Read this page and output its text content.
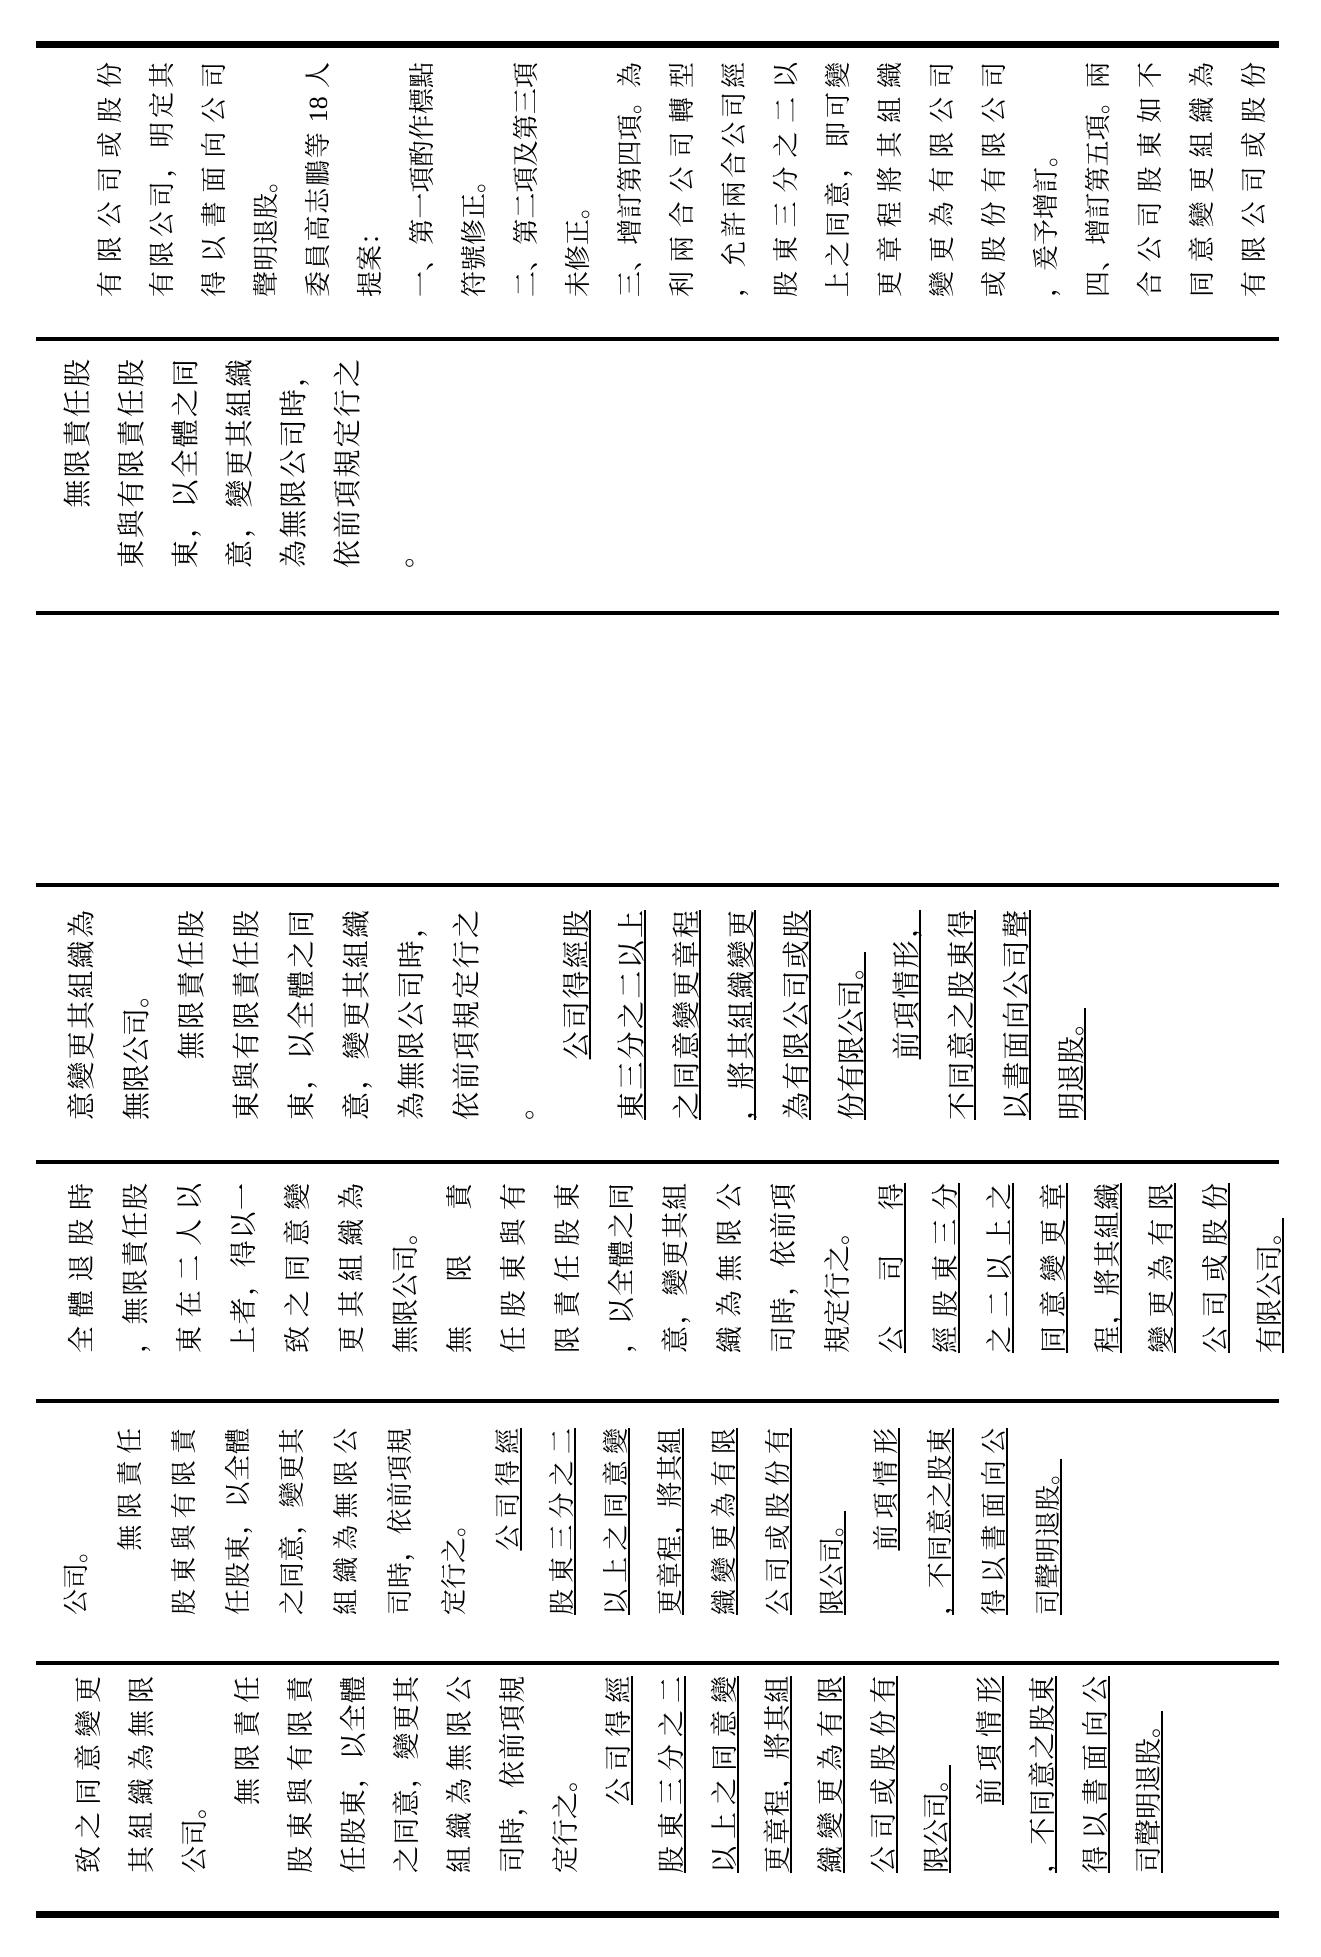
有限公司或股份 有限公司，明定其 得以書面向公司 聲明退股。 委員高志鵬等 18 人 提案： 一、第一項酌作標點 符號修正。 二、第二項及第三項 未修正。 三、增訂第四項。為 利兩合公司轉型 ，允許兩合公司經 股東三分之二以 上之同意，即可變 更章程將其組織 變更為有限公司 或股份有限公司 ，爰予增訂。 四、增訂第五項。兩 合公司股東如不 同意變更組織為 有限公司或股份
　　無限責任股 東與有限責任股 東，以全體之同 意，變更其組織 為無限公司時， 依前項規定行之 。
意變更其組織為 無限公司。
　　 無限責任股 東與有限責任股 東，以全體之同 意，變更其組織 為無限公司時， 依前項規定行之 。
　　公司得經股 東三分之二以上 之同意變更章程 ，將其組織變更 為有限公司或股 份有限公司。
　　 前項情形， 不同意之股東得 以書面向公司聲 明退股。
全體退股時 ，無限責任股 東在二人以 上者，得以一 致之同意變 更其組織為 無限公司。 無限責 任股東與有 限責任股東 ，以全體之同 意，變更其組 織為無限公 司時，依前項 規定行之。 公司得 經股東三分 之二以上之 同意變更章 程，將其組織 變更為有限 公司或股份 有限公司。
公司。
　　無限責任 股東與有限責 任股東，以全體 之同意，變更其 組織為無限公 司時，依前項規 定行之。
　　公司得經 股東三分之二 以上之同意變 更章程，將其組 織變更為有限 公司或股份有 限公司。
　　前項情形 ，不同意之股東 得以書面向公 司聲明退股。
致之同意變更 其組織為無限 公司。
　　無限責任 股東與有限責 任股東，以全體 之同意，變更其 組織為無限公 司時，依前項規 定行之。
　　公司得經 股東三分之二 以上之同意變 更章程，將其組 織變更為有限 公司或股份有 限公司。
　　前項情形 ，不同意之股東 得以書面向公 司聲明退股。
